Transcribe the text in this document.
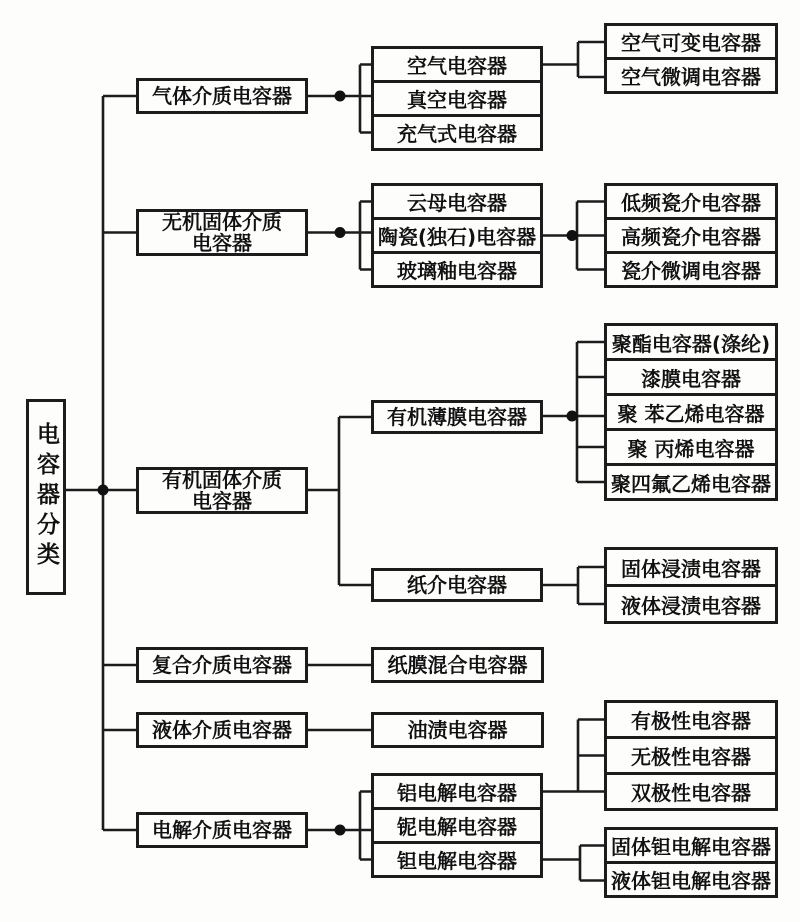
电容器分类
气体介质电容器
无机固体介质
电容器
有机固体介质
电容器
复合介质电容器
液体介质电容器
电解介质电容器
空气电容器
真空电容器
充气式电容器
云母电容器
陶瓷(独石)电容器
玻璃釉电容器
有机薄膜电容器
纸介电容器
纸膜混合电容器
油渍电容器
铝电解电容器
铌电解电容器
钽电解电容器
空气可变电容器
空气微调电容器
低频瓷介电容器
高频瓷介电容器
瓷介微调电容器
聚酯电容器(涤纶)
漆膜电容器
聚 苯乙烯电容器
聚 丙烯电容器
聚四氟乙烯电容器
固体浸渍电容器
液体浸渍电容器
有极性电容器
无极性电容器
双极性电容器
固体钽电解电容器
液体钽电解电容器
